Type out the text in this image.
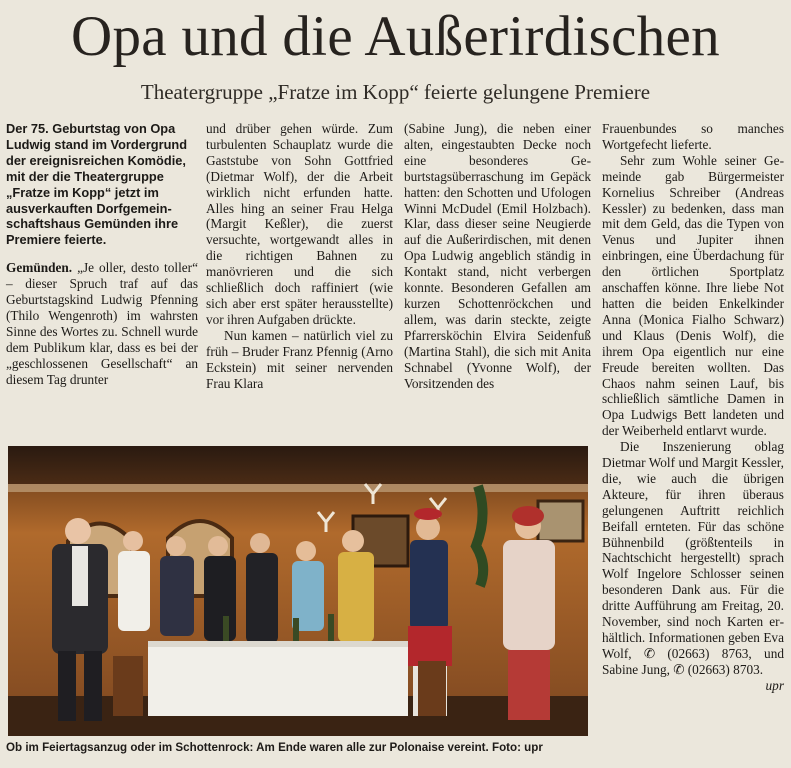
Opa und die Außerirdischen
Theatergruppe „Fratze im Kopp“ feierte gelungene Premiere

Der 75. Geburtstag von Opa Ludwig stand im Vordergrund der ereignisreichen Komödie, mit der die Theatergruppe „Fratze im Kopp“ jetzt im ausverkauften Dorfgemeinschaftshaus Gemünden ihre Premiere feierte.

Gemünden. „Je oller, desto toller“ – dieser Spruch traf auf das Geburtstagskind Ludwig Pfenning (Thilo Wengenroth) im wahrsten Sinne des Wortes zu. Schnell wurde dem Publikum klar, dass es bei der „geschlossenen Gesellschaft“ an diesem Tag drunter

und drüber gehen würde. Zum turbulenten Schauplatz wurde die Gaststube von Sohn Gottfried (Dietmar Wolf), der die Arbeit wirklich nicht erfunden hatte. Alles hing an seiner Frau Helga (Margit Keßler), die zuerst versuchte, wortgewandt alles in die richtigen Bahnen zu manövrieren und die sich schließlich doch raffiniert (wie sich aber erst später herausstellte) vor ihren Aufgaben drückte.

Nun kamen – natürlich viel zu früh – Bruder Franz Pfennig (Arno Eckstein) mit seiner nervenden Frau Klara

(Sabine Jung), die neben einer alten, eingestaubten Decke noch eine besonderes Geburtstagsüberraschung im Gepäck hatten: den Schotten und Ufologen Winni McDudel (Emil Holzbach). Klar, dass dieser seine Neugierde auf die Außerirdischen, mit denen Opa Ludwig angeblich ständig in Kontakt stand, nicht verbergen konnte. Besonderen Gefallen am kurzen Schottenröckchen und allem, was darin steckte, zeigte Pfarrersköchin Elvira Seidenfuß (Martina Stahl), die sich mit Anita Schnabel (Yvonne Wolf), der Vorsitzenden des

Frauenbundes so manches Wortgefecht lieferte.

Sehr zum Wohle seiner Gemeinde gab Bürgermeister Kornelius Schreiber (Andreas Kessler) zu bedenken, dass man mit dem Geld, das die Typen von Venus und Jupiter ihnen einbringen, eine Überdachung für den örtlichen Sportplatz anschaffen könne. Ihre liebe Not hatten die beiden Enkelkinder Anna (Monica Fialho Schwarz) und Klaus (Denis Wolf), die ihrem Opa eigentlich nur eine Freude bereiten wollten. Das Chaos nahm seinen Lauf, bis schließlich sämtliche Damen in Opa Ludwigs Bett landeten und der Weiberheld entlarvt wurde.

Die Inszenierung oblag Dietmar Wolf und Margit Kessler, die, wie auch die übrigen Akteure, für ihren überaus gelungenen Auftritt reichlich Beifall ernteten. Für das schöne Bühnenbild (größtenteils in Nachtschicht hergestellt) sprach Wolf Ingelore Schlosser seinen besonderen Dank aus. Für die dritte Aufführung am Freitag, 20. November, sind noch Karten erhältlich. Informationen geben Eva Wolf, ✆ (02663) 8763, und Sabine Jung, ✆ (02663) 8703.

upr

Ob im Feiertagsanzug oder im Schottenrock: Am Ende waren alle zur Polonaise vereint. Foto: upr
